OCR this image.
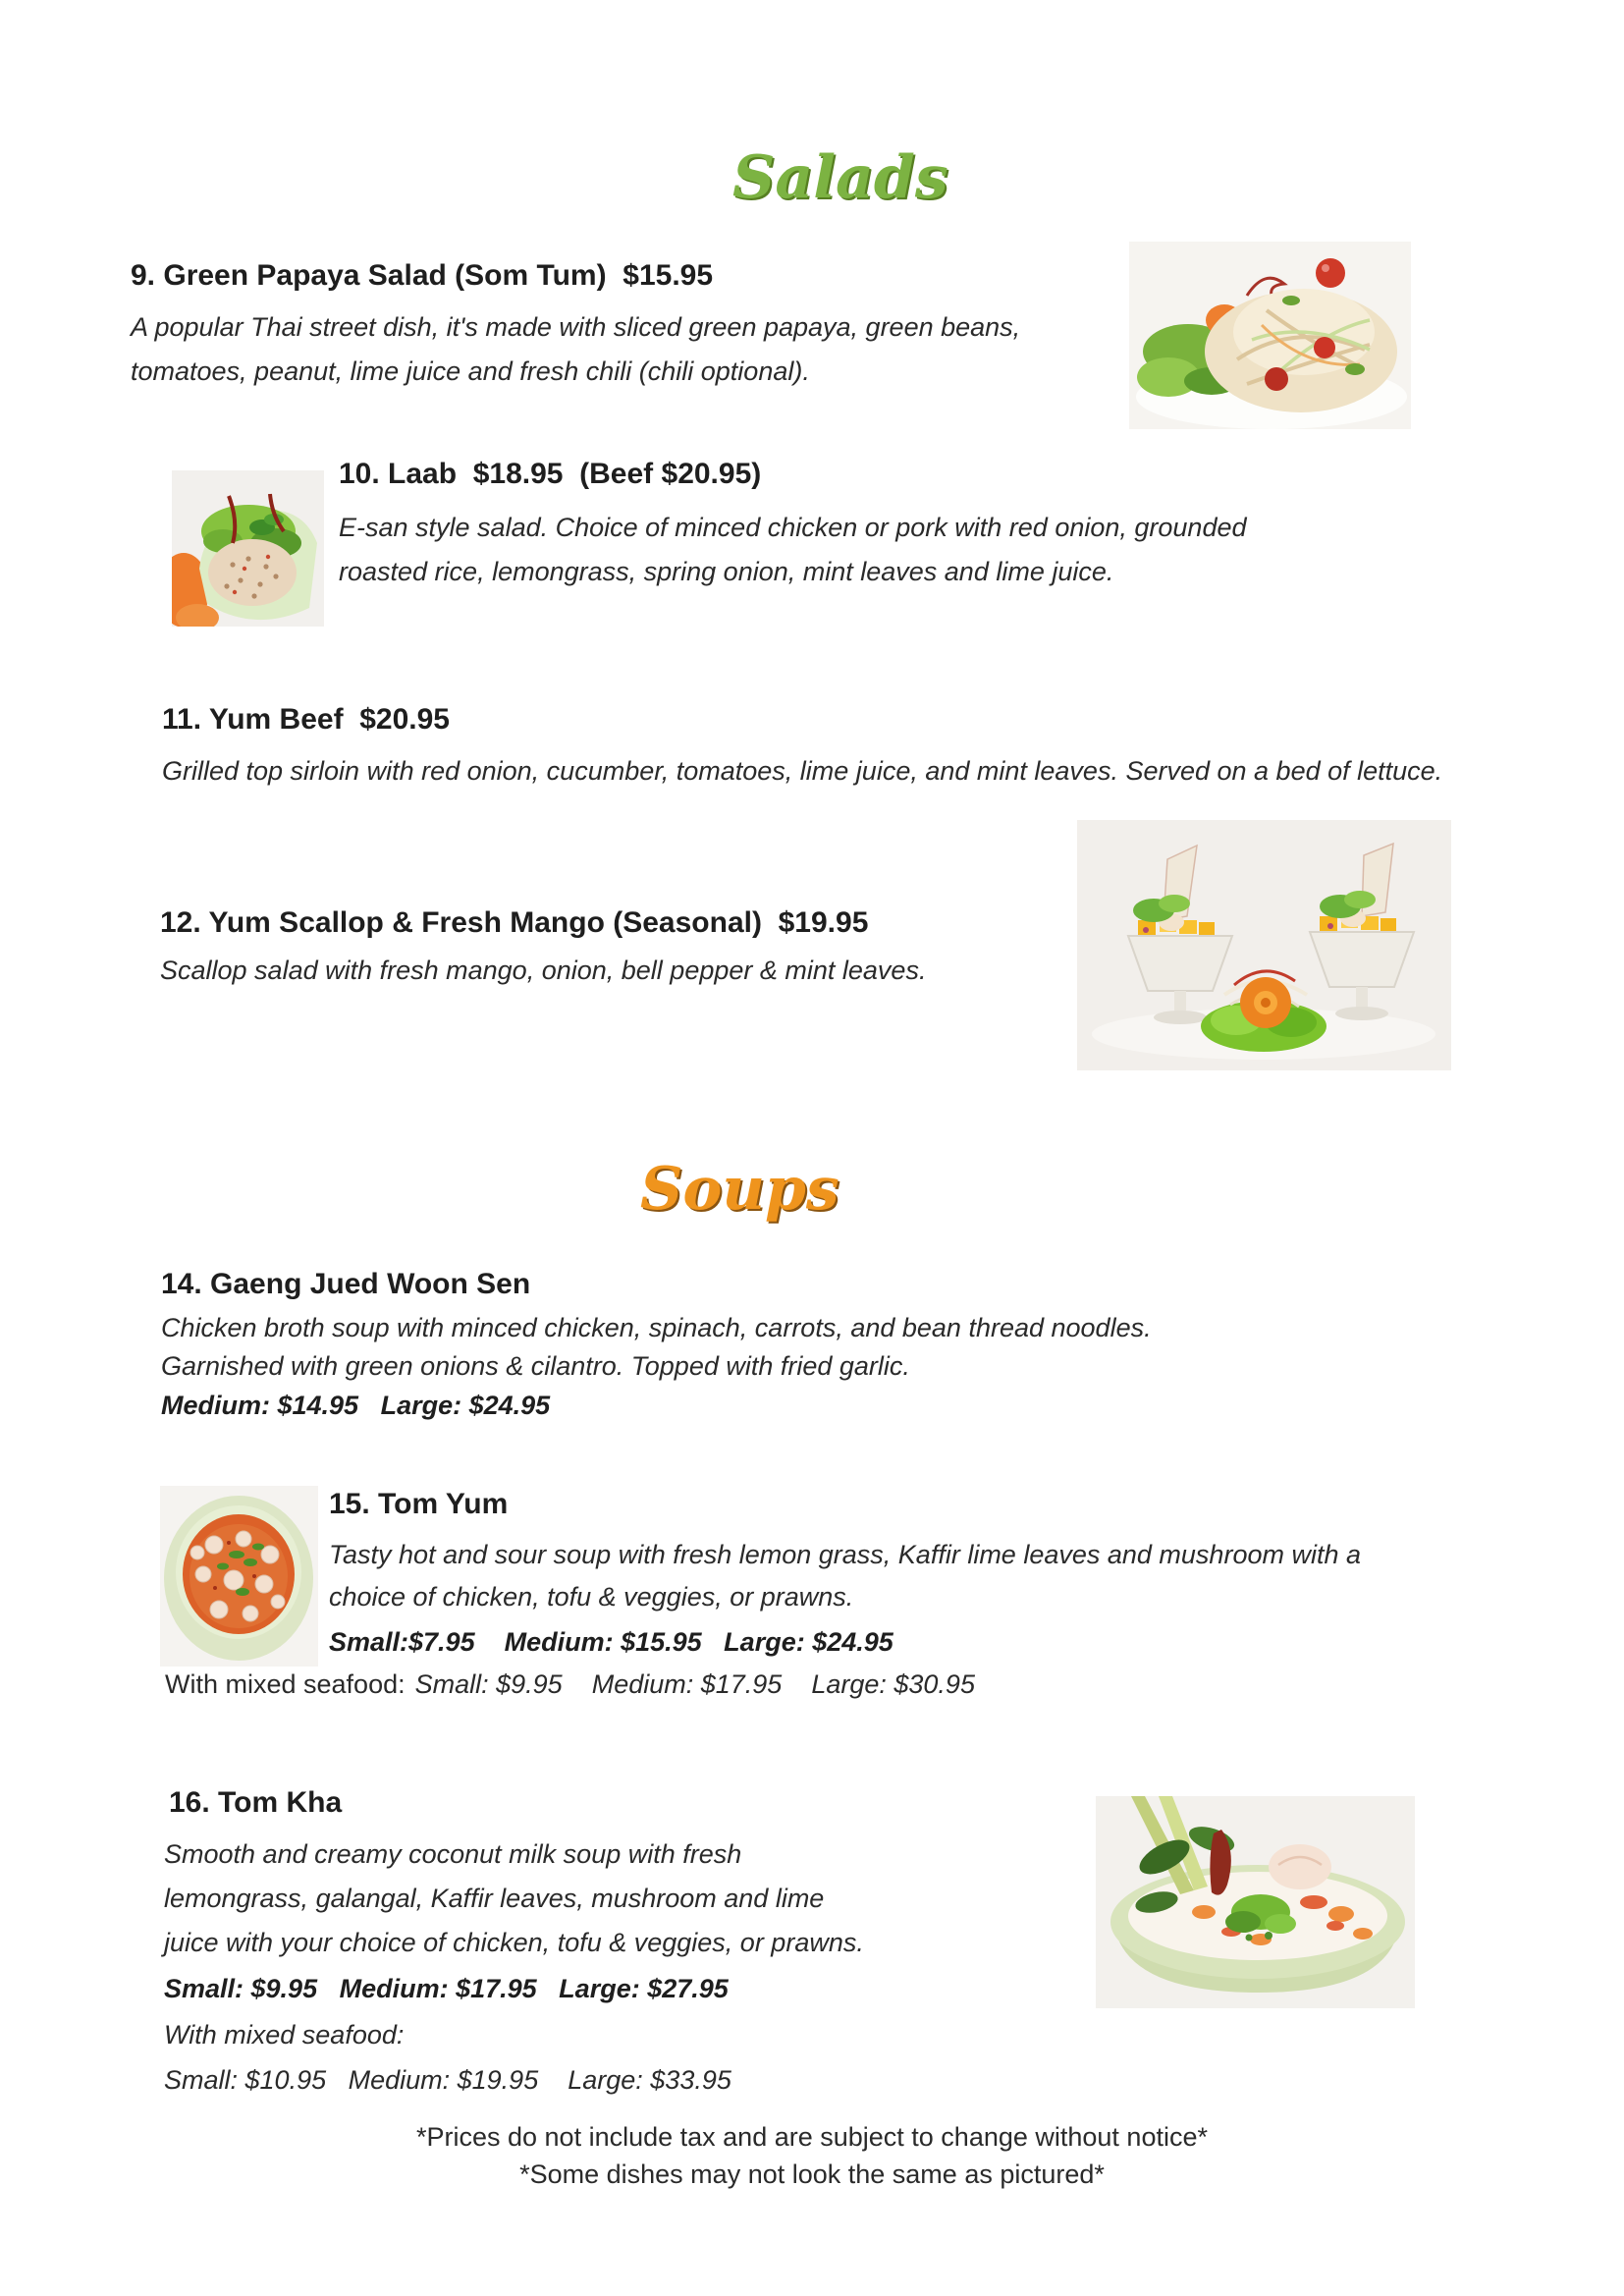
Salads
9. Green Papaya Salad (Som Tum)  $15.95
A popular Thai street dish, it's made with sliced green papaya, green beans, tomatoes, peanut, lime juice and fresh chili (chili optional).
10. Laab  $18.95  (Beef $20.95)
E-san style salad. Choice of minced chicken or pork with red onion, grounded roasted rice, lemongrass, spring onion, mint leaves and lime juice.
11. Yum Beef  $20.95
Grilled top sirloin with red onion, cucumber, tomatoes, lime juice, and mint leaves. Served on a bed of lettuce.
12. Yum Scallop & Fresh Mango (Seasonal)  $19.95
Scallop salad with fresh mango, onion, bell pepper & mint leaves.
Soups
14. Gaeng Jued Woon Sen
Chicken broth soup with minced chicken, spinach, carrots, and bean thread noodles. Garnished with green onions & cilantro. Topped with fried garlic.
Medium: $14.95   Large: $24.95
15. Tom Yum
Tasty hot and sour soup with fresh lemon grass, Kaffir lime leaves and mushroom with a choice of chicken, tofu & veggies, or prawns.
Small:$7.95    Medium: $15.95   Large: $24.95
With mixed seafood: Small: $9.95    Medium: $17.95    Large: $30.95
16. Tom Kha
Smooth and creamy coconut milk soup with fresh lemongrass, galangal, Kaffir leaves, mushroom and lime juice with your choice of chicken, tofu & veggies, or prawns.
Small: $9.95   Medium: $17.95   Large: $27.95
With mixed seafood:
Small: $10.95   Medium: $19.95    Large: $33.95
*Prices do not include tax and are subject to change without notice*
*Some dishes may not look the same as pictured*
